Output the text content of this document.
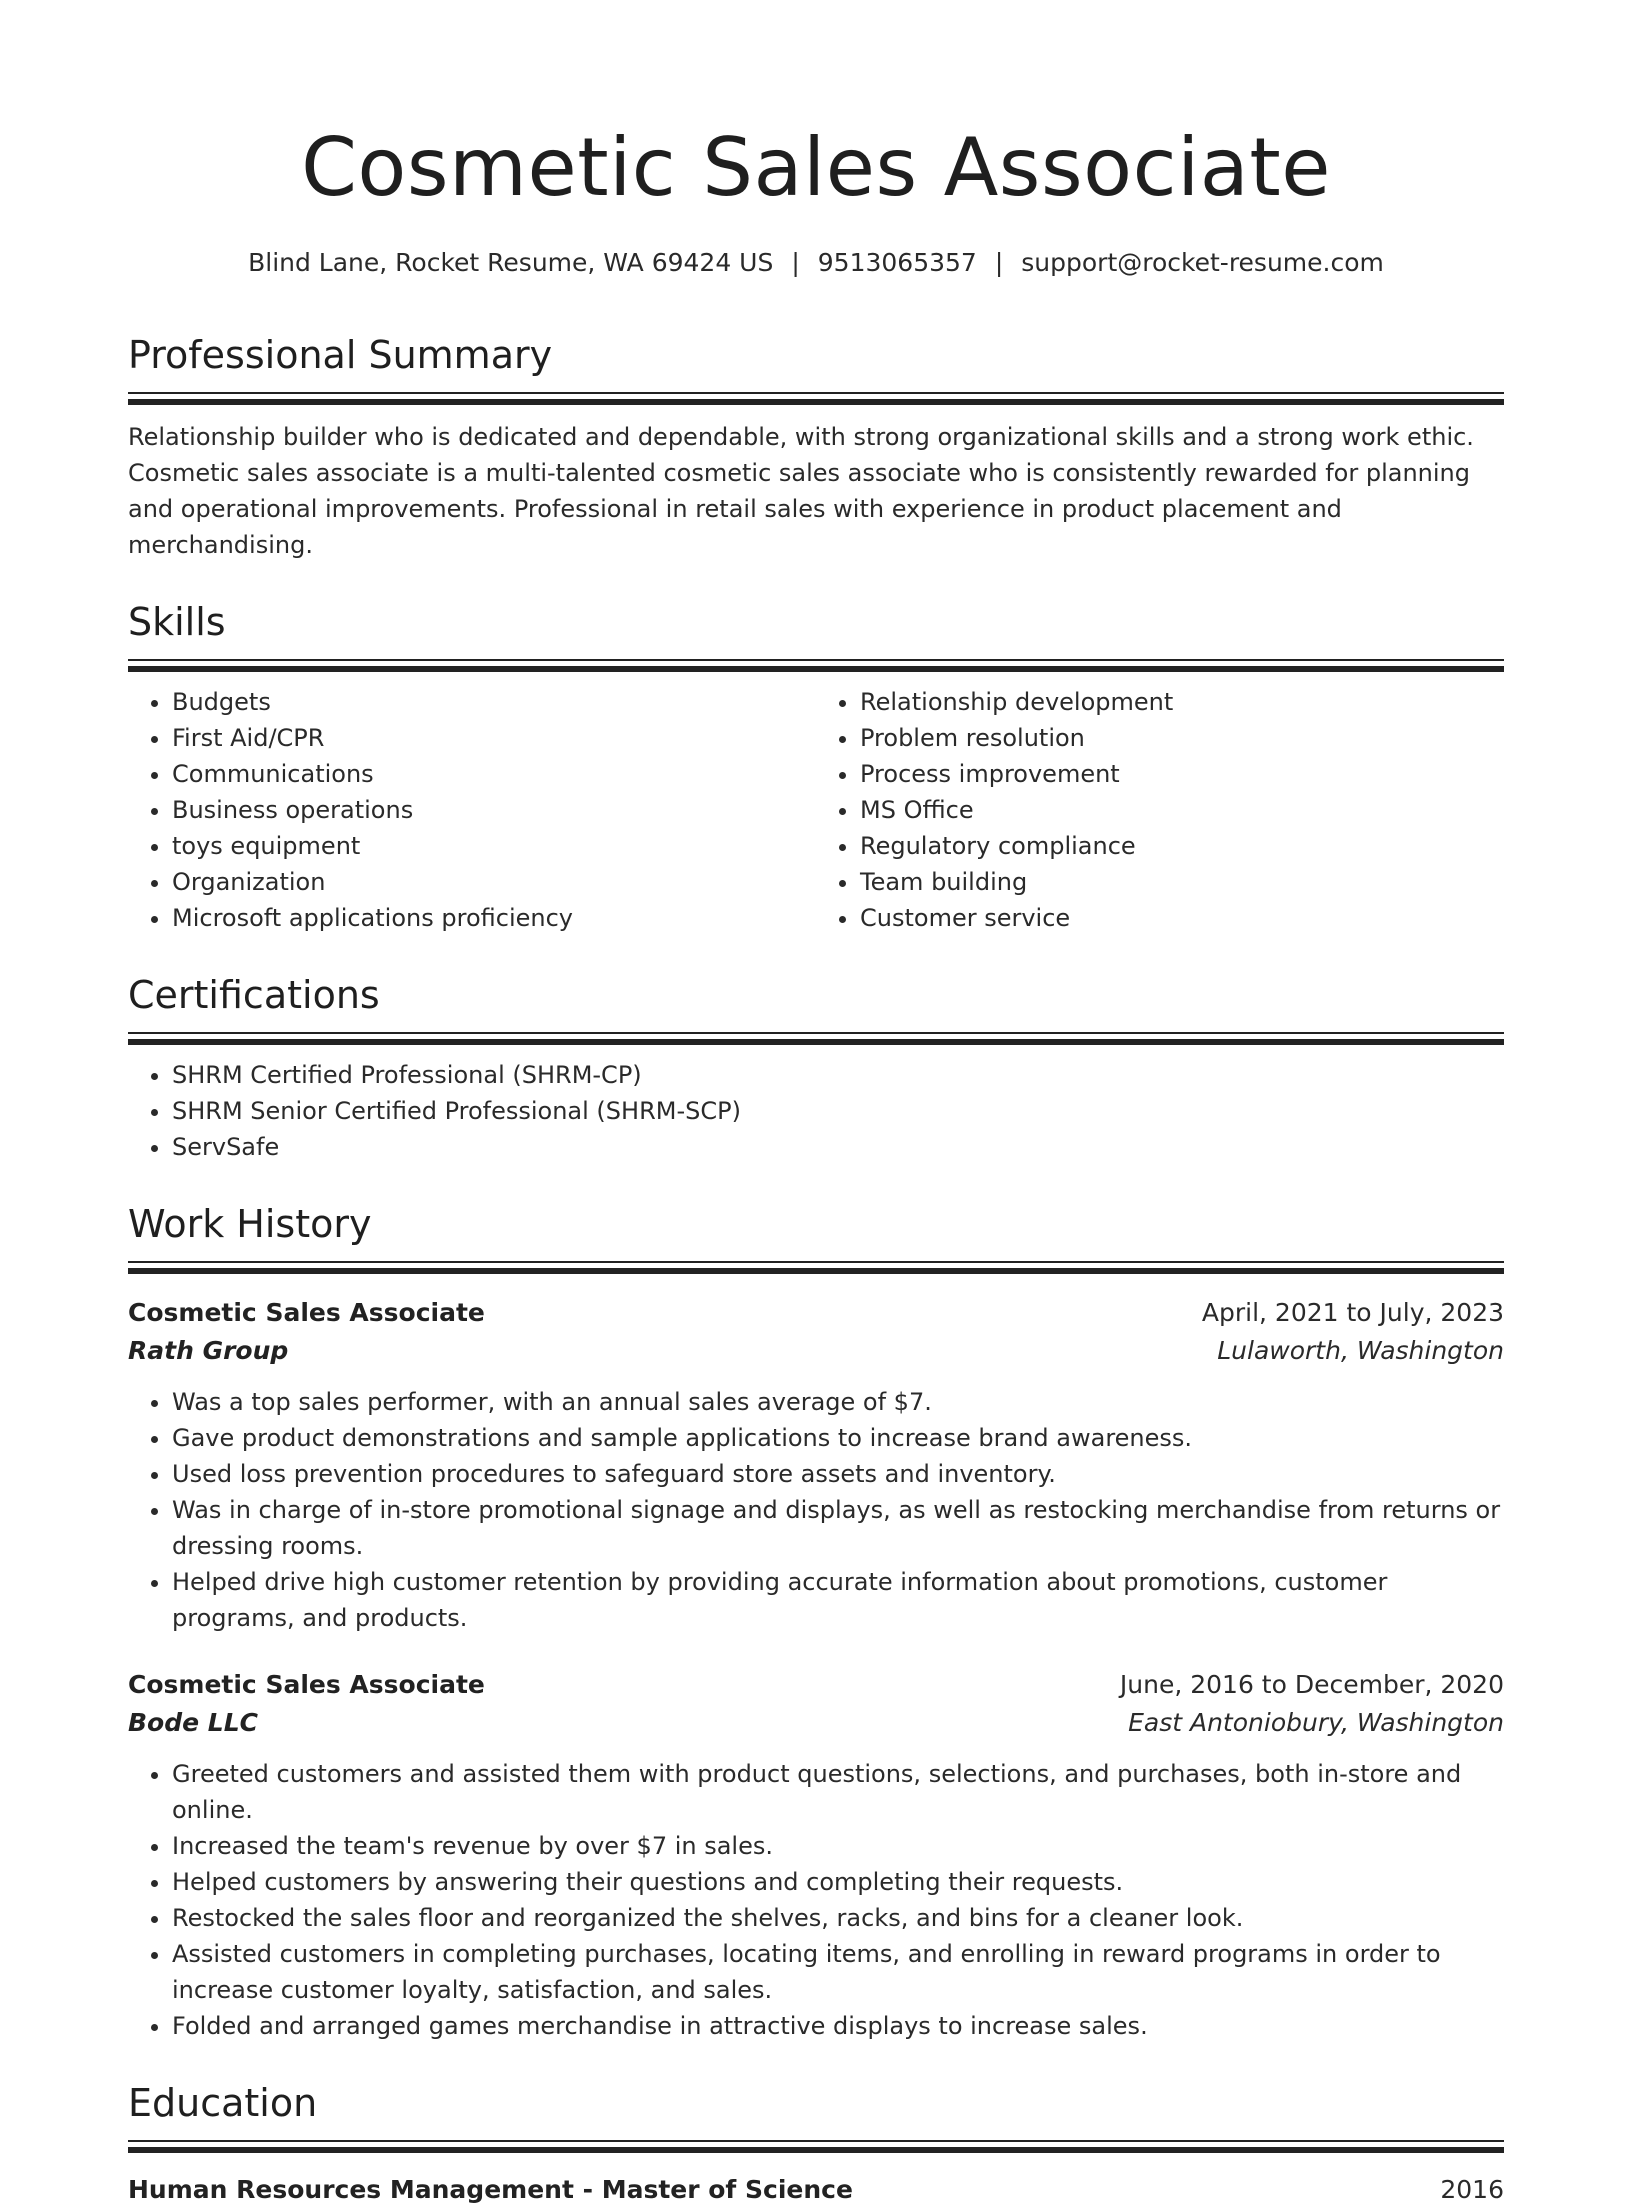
Cosmetic Sales Associate
Blind Lane, Rocket Resume, WA 69424 US | 9513065357 | support@rocket-resume.com
Professional Summary

Relationship builder who is dedicated and dependable, with strong organizational skills and a strong work ethic. Cosmetic sales associate is a multi-talented cosmetic sales associate who is consistently rewarded for planning and operational improvements. Professional in retail sales with experience in product placement and merchandising.

Skills
• Budgets
• First Aid/CPR
• Communications
• Business operations
• toys equipment
• Organization
• Microsoft applications proficiency
• Relationship development
• Problem resolution
• Process improvement
• MS Office
• Regulatory compliance
• Team building
• Customer service
Certifications
• SHRM Certified Professional (SHRM-CP)
• SHRM Senior Certified Professional (SHRM-SCP)
• ServSafe
Work History
Cosmetic Sales Associate	April, 2021 to July, 2023
Rath Group	Lulaworth, Washington
• Was a top sales performer, with an annual sales average of $7.
• Gave product demonstrations and sample applications to increase brand awareness.
• Used loss prevention procedures to safeguard store assets and inventory.
• Was in charge of in-store promotional signage and displays, as well as restocking merchandise from returns or dressing rooms.
• Helped drive high customer retention by providing accurate information about promotions, customer programs, and products.
Cosmetic Sales Associate	June, 2016 to December, 2020
Bode LLC	East Antoniobury, Washington
• Greeted customers and assisted them with product questions, selections, and purchases, both in-store and online.
• Increased the team's revenue by over $7 in sales.
• Helped customers by answering their questions and completing their requests.
• Restocked the sales floor and reorganized the shelves, racks, and bins for a cleaner look.
• Assisted customers in completing purchases, locating items, and enrolling in reward programs in order to increase customer loyalty, satisfaction, and sales.
• Folded and arranged games merchandise in attractive displays to increase sales.
Education
Human Resources Management - Master of Science	2016
